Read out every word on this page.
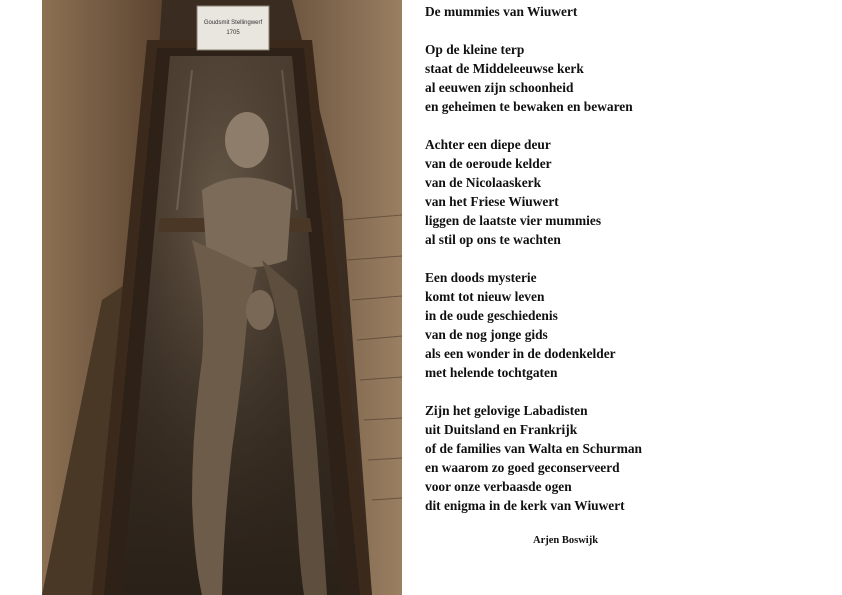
Goudsmit Stellingwerf
1705
De mummies van Wiuwert
Op de kleine terp
staat de Middeleeuwse kerk
al eeuwen zijn schoonheid
en geheimen te bewaken en bewaren
Achter een diepe deur
van de oeroude kelder
van de Nicolaaskerk
van het Friese Wiuwert
liggen de laatste vier mummies
al stil op ons te wachten
Een doods mysterie
komt tot nieuw leven
in de oude geschiedenis
van de nog jonge gids
als een wonder in de dodenkelder
met helende tochtgaten
Zijn het gelovige Labadisten
uit Duitsland en Frankrijk
of de families van Walta en Schurman
en waarom zo goed geconserveerd
voor onze verbaasde ogen
dit enigma in de kerk van Wiuwert
Arjen Boswijk
